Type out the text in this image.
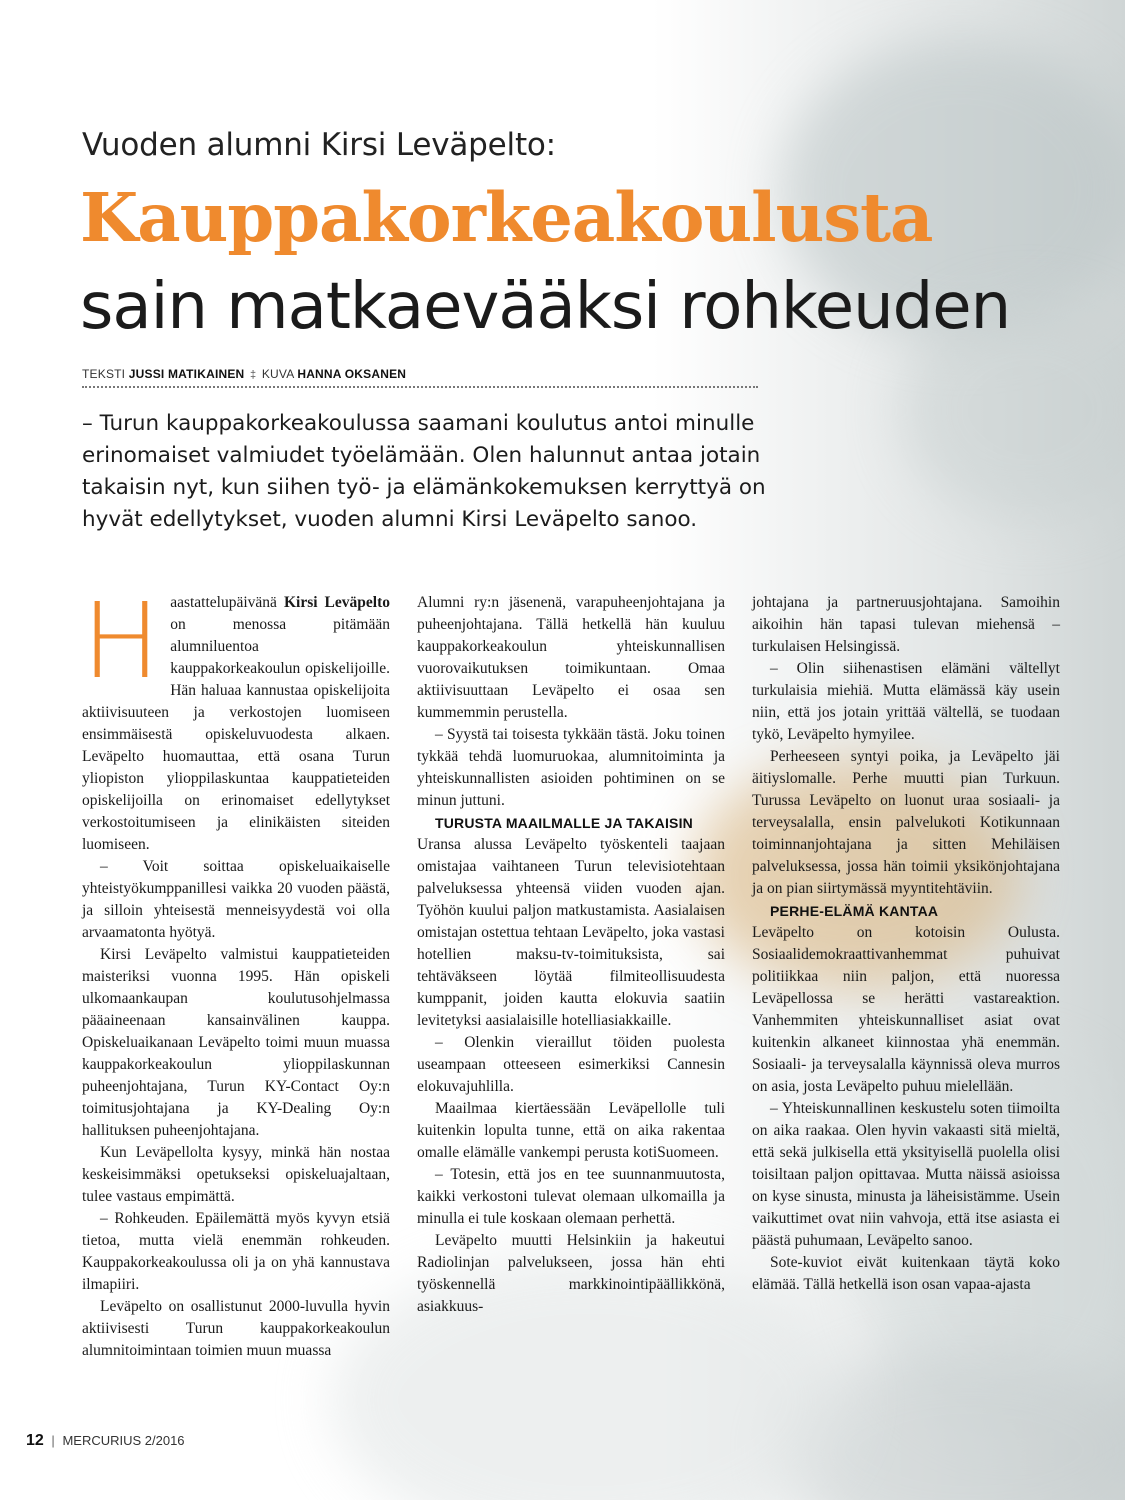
Vuoden alumni Kirsi Leväpelto:
Kauppakorkeakoulusta
sain matkaevääksi rohkeuden
TEKSTI JUSSI MATIKAINEN ‡ KUVA HANNA OKSANEN

– Turun kauppakorkeakoulussa saamani koulutus antoi minulle erinomaiset valmiudet työelämään. Olen halunnut antaa jotain takaisin nyt, kun siihen työ- ja elämänkokemuksen kerryttyä on hyvät edellytykset, vuoden alumni Kirsi Leväpelto sanoo.

Haastattelupäivänä Kirsi Leväpelto on menossa pitämään alumniluentoa kauppakorkeakoulun opiskelijoille. Hän haluaa kannustaa opiskelijoita aktiivisuuteen ja verkostojen luomiseen ensimmäisestä opiskeluvuodesta alkaen. Leväpelto huomauttaa, että osana Turun yliopiston ylioppilaskuntaa kauppatieteiden opiskelijoilla on erinomaiset edellytykset verkostoitumiseen ja elinikäisten siteiden luomiseen.

– Voit soittaa opiskeluaikaiselle yhteistyökumppanillesi vaikka 20 vuoden päästä, ja silloin yhteisestä menneisyydestä voi olla arvaamatonta hyötyä.

Kirsi Leväpelto valmistui kauppatieteiden maisteriksi vuonna 1995. Hän opiskeli ulkomaankaupan koulutusohjelmassa pääaineenaan kansainvälinen kauppa. Opiskeluaikanaan Leväpelto toimi muun muassa kauppakorkeakoulun ylioppilaskunnan puheenjohtajana, Turun KY-Contact Oy:n toimitusjohtajana ja KY-Dealing Oy:n hallituksen puheenjohtajana.

Kun Leväpellolta kysyy, minkä hän nostaa keskeisimmäksi opetukseksi opiskeluajaltaan, tulee vastaus empimättä.

– Rohkeuden. Epäilemättä myös kyvyn etsiä tietoa, mutta vielä enemmän rohkeuden. Kauppakorkeakoulussa oli ja on yhä kannustava ilmapiiri.

Leväpelto on osallistunut 2000-luvulla hyvin aktiivisesti Turun kauppakorkeakoulun alumnitoimintaan toimien muun muassa

Alumni ry:n jäsenenä, varapuheenjohtajana ja puheenjohtajana. Tällä hetkellä hän kuuluu kauppakorkeakoulun yhteiskunnallisen vuorovaikutuksen toimikuntaan. Omaa aktiivisuuttaan Leväpelto ei osaa sen kummemmin perustella.

– Syystä tai toisesta tykkään tästä. Joku toinen tykkää tehdä luomuruokaa, alumnitoiminta ja yhteiskunnallisten asioiden pohtiminen on se minun juttuni.

TURUSTA MAAILMALLE JA TAKAISIN

Uransa alussa Leväpelto työskenteli taajaan omistajaa vaihtaneen Turun televisiotehtaan palveluksessa yhteensä viiden vuoden ajan. Työhön kuului paljon matkustamista. Aasialaisen omistajan ostettua tehtaan Leväpelto, joka vastasi hotellien maksu-tv-toimituksista, sai tehtäväkseen löytää filmiteollisuudesta kumppanit, joiden kautta elokuvia saatiin levitetyksi aasialaisille hotelliasiakkaille.

– Olenkin vieraillut töiden puolesta useampaan otteeseen esimerkiksi Cannesin elokuvajuhlilla.

Maailmaa kiertäessään Leväpellolle tuli kuitenkin lopulta tunne, että on aika rakentaa omalle elämälle vankempi perusta kotiSuomeen.

– Totesin, että jos en tee suunnanmuutosta, kaikki verkostoni tulevat olemaan ulkomailla ja minulla ei tule koskaan olemaan perhettä.

Leväpelto muutti Helsinkiin ja hakeutui Radiolinjan palvelukseen, jossa hän ehti työskennellä markkinointipäällikkönä, asiakkuus-

johtajana ja partneruusjohtajana. Samoihin aikoihin hän tapasi tulevan miehensä – turkulaisen Helsingissä.

– Olin siihenastisen elämäni vältellyt turkulaisia miehiä. Mutta elämässä käy usein niin, että jos jotain yrittää vältellä, se tuodaan tykö, Leväpelto hymyilee.

Perheeseen syntyi poika, ja Leväpelto jäi äitiyslomalle. Perhe muutti pian Turkuun. Turussa Leväpelto on luonut uraa sosiaali- ja terveysalalla, ensin palvelukoti Kotikunnaan toiminnanjohtajana ja sitten Mehiläisen palveluksessa, jossa hän toimii yksikönjohtajana ja on pian siirtymässä myyntitehtäviin.

PERHE-ELÄMÄ KANTAA

Leväpelto on kotoisin Oulusta. Sosiaalidemokraattivanhemmat puhuivat politiikkaa niin paljon, että nuoressa Leväpellossa se herätti vastareaktion. Vanhemmiten yhteiskunnalliset asiat ovat kuitenkin alkaneet kiinnostaa yhä enemmän. Sosiaali- ja terveysalalla käynnissä oleva murros on asia, josta Leväpelto puhuu mielellään.

– Yhteiskunnallinen keskustelu soten tiimoilta on aika raakaa. Olen hyvin vakaasti sitä mieltä, että sekä julkisella että yksityisellä puolella olisi toisiltaan paljon opittavaa. Mutta näissä asioissa on kyse sinusta, minusta ja läheisistämme. Usein vaikuttimet ovat niin vahvoja, että itse asiasta ei päästä puhumaan, Leväpelto sanoo.

Sote-kuviot eivät kuitenkaan täytä koko elämää. Tällä hetkellä ison osan vapaa-ajasta

12 | MERCURIUS 2/2016
